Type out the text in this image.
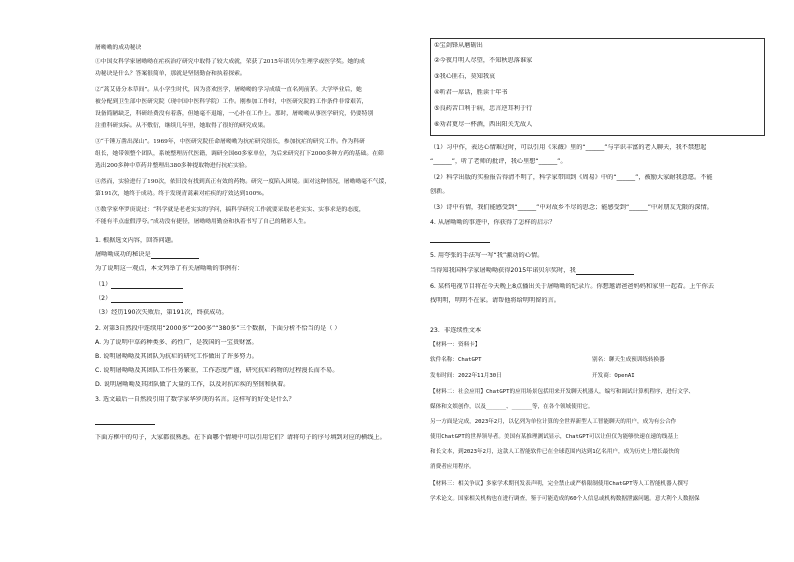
屠呦呦的成功秘诀
①中国女科学家屠呦呦在疟疾治疗研究中取得了较大成就，荣获了2015年诺贝尔生理学或医学奖。她的成
功秘诀是什么？答案很简单，那就是坚韧勤奋和执着探索。
②“蒿艾毋分本草间”。从小学生时代，因为喜欢医学，屠呦呦的学习成绩一直名列前茅。大学毕业后，她
被分配到卫生部中医研究院（现中国中医科学院）工作。刚参加工作时，中医研究院的工作条件非常艰苦，
设备简陋缺乏，科研经费没有着落，但她毫不退缩，一心扑在工作上。那时，屠呦呦从事医学研究，仍要特别
注重科研实际。从不敷衍，继续几年里，她取得了很好的研究成果。
③“千锤万凿出深山”。1969年，中医研究院任命屠呦呦为抗疟研究组长，参加抗疟的研究工作。作为科研
组长，她带领整个团队，系统整理历代医籍，调研全国60多家单位，为后来研究打下2000多种方药的基础。在筛
选出200多种中草药并整理出380多种提取物进行抗疟实验。
④然而，实验进行了190次，依旧没有找到真正有效的药物。研究一度陷入困境。面对这种情况，屠呦呦毫不气馁，
第191次，她终于成功。终于发现青蒿素对疟疾的疗效达到100%。
⑤数学家华罗庚说过：“科学就是老老实实的学问，搞科学研究工作就要采取老老实实、实事求是的态度，
不能有半点虚假浮夸。”成功没有捷径，屠呦呦用勤奋和执着书写了自己的精彩人生。
1. 根据选文内容，回答问题。
屠呦呦成功的秘诀是
为了说明这一观点，本文列举了有关屠呦呦的事例有：
（1）
（2）
（3）经历190次失败后，第191次，终获成功。
2. 对第3自然段中连续用“2000多”“200多”“380多”三个数据，下面分析不恰当的是（ ）
A. 为了说明中草药种类多、药性广，是我国的一宝贵财富。
B. 说明屠呦呦及其团队为抗疟的研究工作做出了许多努力。
C. 说明屠呦呦及其团队工作任务繁重，工作态度严谨，研究抗疟药物的过程漫长而不易。
D. 说明屠呦呦及其团队做了大量的工作，以及对抗疟疾的坚韧和执着。
3. 选文最后一自然段引用了数学家华罗庚的名言。这样写的好处是什么？
下面方框中的句子，大家都很熟悉。在下面哪个情境中可以引用它们？请将句子的序号填到对应的横线上。
①宝剑锋从磨砺出
②今夜月明人尽望，不知秋思落谁家
③我心匪石，莫知我哀
④听君一席话，胜读十年书
⑤良药苦口利于病，忠言逆耳利于行
⑥劝君更尽一杯酒，西出阳关无故人
（1）习中作，表达心情难过时，可以引用《采薇》里的“______”与字识丰富的老人聊天，我不禁想起
“______”，听了老师的批评，我心里想“______”。
（2）科学出版的实验报告得清不明了，科学家带回到《周易》中的“______”，被励大家耐我意愿。不能
创新。
（3）诗中有情，我们能感受到“______”中对故乡不尽的思念；能感受到“______”中对朋友无限的深情。
4. 从屠呦呦的事迹中，你获得了怎样的启示？
5. 用夸张的手法写一写“我”激动的心情。
当得知我国科学家屠呦呦获得2015年诺贝尔奖时，我
6. 某档电视节目将在今天晚上8点播出关于屠呦呦的纪录片。你想邀请爸爸妈妈和家里一起看。上午你去
找明明，明明不在家。请帮他将给明明留的言。
23．非连续性文本
【材料一：资料卡】
软件名称：ChatGPT	别名：聊天生成预训练转换器
发布时间：2022年11月30日	开发商：OpenAI
【材料二：社会应用】ChatGPT的应用场景包括用来开发聊天机器人，编写和调试计算机程序，进行文学、
媒体和文娱创作，以及______、______等，在各个领域使用它。
另一方面是完成，2023年2月，以亿列为单位计算的全世界新型人工智能聊天的用户，成为有公合作
使用ChatGPT的世界领导者。美国有某推理测试显示，ChatGPT可以让但仅为能够快速在速的线基上
和长文本，到2023年2月，这款人工智能软件已在全球范围内达到1亿名用户，成为历史上增长最快的
消费者应用程序。
【材料三：相关争议】多家学术期刊发表声明，完全禁止或严格限制使用ChatGPT等人工智能机器人撰写
学术论文。国家相关机构也在进行调查，鉴于可能造成的60个人信息或机构数据泄露问题。意大利个人数据保
